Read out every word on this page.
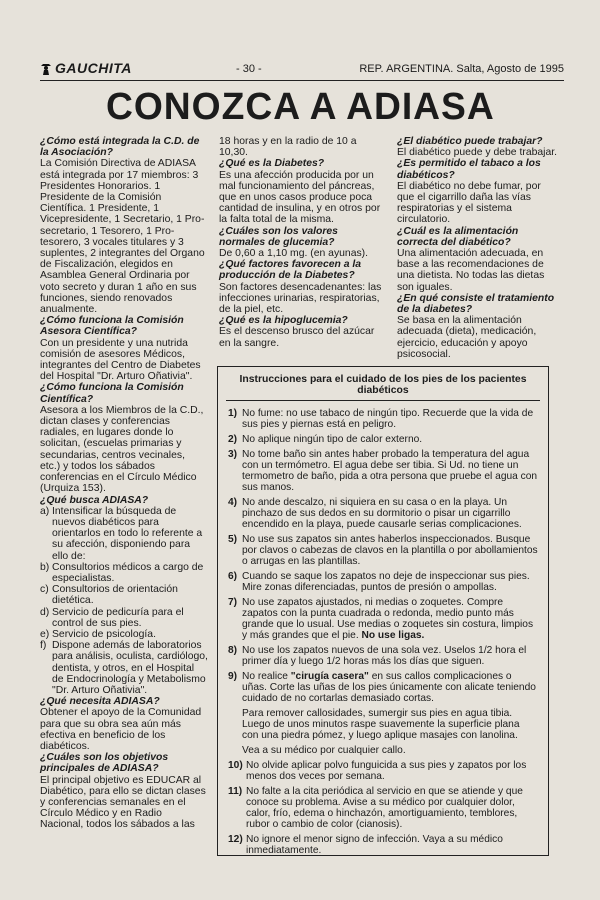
GAUCHITA	- 30 -	REP. ARGENTINA. Salta, Agosto de 1995
CONOZCA A ADIASA
¿Cómo está integrada la C.D. de la Asociación?

La Comisión Directiva de ADIASA está integrada por 17 miembros: 3 Presidentes Honorarios. 1 Presidente de la Comisión Científica. 1 Presidente, 1 Vicepresidente, 1 Secretario, 1 Pro-secretario, 1 Tesorero, 1 Pro-tesorero, 3 vocales titulares y 3 suplentes, 2 integrantes del Organo de Fiscalización, elegidos en Asamblea General Ordinaria por voto secreto y duran 1 año en sus funciones, siendo renovados anualmente.

¿Cómo funciona la Comisión Asesora Científica?

Con un presidente y una nutrida comisión de asesores Médicos, integrantes del Centro de Diabetes del Hospital "Dr. Arturo Oñativia".

¿Cómo funciona la Comisión Científica?

Asesora a los Miembros de la C.D., dictan clases y conferencias radiales, en lugares donde lo solicitan, (escuelas primarias y secundarias, centros vecinales, etc.) y todos los sábados conferencias en el Círculo Médico (Urquiza 153).

¿Qué busca ADIASA?
a) Intensificar la búsqueda de nuevos diabéticos para orientarlos en todo lo referente a su afección, disponiendo para ello de:
b) Consultorios médicos a cargo de especialistas.
c) Consultorios de orientación dietética.
d) Servicio de pedicuría para el control de sus pies.
e) Servicio de psicología.
f) Dispone además de laboratorios para análisis, oculista, cardiólogo, dentista, y otros, en el Hospital de Endocrinología y Metabolismo "Dr. Arturo Oñativia".
¿Qué necesita ADIASA?

Obtener el apoyo de la Comunidad para que su obra sea aún más efectiva en beneficio de los diabéticos.

¿Cuáles son los objetivos principales de ADIASA?

El principal objetivo es EDUCAR al Diabético, para ello se dictan clases y conferencias semanales en el Círculo Médico y en Radio Nacional, todos los sábados a las

18 horas y en la radio de 10 a 10,30.

¿Qué es la Diabetes?

Es una afección producida por un mal funcionamiento del páncreas, que en unos casos produce poca cantidad de insulina, y en otros por la falta total de la misma.

¿Cuáles son los valores normales de glucemia?

De 0,60 a 1,10 mg. (en ayunas).

¿Qué factores favorecen a la producción de la Diabetes?

Son factores desencadenantes: las infecciones urinarias, respiratorias, de la piel, etc.

¿Qué es la hipoglucemia?

Es el descenso brusco del azúcar en la sangre.

¿El diabético puede trabajar?

El diabético puede y debe trabajar.

¿Es permitido el tabaco a los diabéticos?

El diabético no debe fumar, por que el cigarrillo daña las vías respiratorias y el sistema circulatorio.

¿Cuál es la alimentación correcta del diabético?

Una alimentación adecuada, en base a las recomendaciones de una dietista. No todas las dietas son iguales.

¿En qué consiste el tratamiento de la diabetes?

Se basa en la alimentación adecuada (dieta), medicación, ejercicio, educación y apoyo psicosocial.

Instrucciones para el cuidado de los pies de los pacientes diabéticos
1) No fume: no use tabaco de ningún tipo. Recuerde que la vida de sus pies y piernas está en peligro.
2) No aplique ningún tipo de calor externo.
3) No tome baño sin antes haber probado la temperatura del agua con un termómetro. El agua debe ser tibia. Si Ud. no tiene un termometro de baño, pida a otra persona que pruebe el agua con sus manos.
4) No ande descalzo, ni siquiera en su casa o en la playa. Un pinchazo de sus dedos en su dormitorio o pisar un cigarrillo encendido en la playa, puede causarle serias complicaciones.
5) No use sus zapatos sin antes haberlos inspeccionados. Busque por clavos o cabezas de clavos en la plantilla o por abollamientos o arrugas en las plantillas.
6) Cuando se saque los zapatos no deje de inspeccionar sus pies. Mire zonas diferenciadas, puntos de presión o ampollas.
7) No use zapatos ajustados, ni medias o zoquetes. Compre zapatos con la punta cuadrada o redonda, medio punto más grande que lo usual. Use medias o zoquetes sin costura, limpios y más grandes que el pie. No use ligas.
8) No use los zapatos nuevos de una sola vez. Uselos 1/2 hora el primer día y luego 1/2 horas más los días que siguen.
9) No realice "cirugía casera" en sus callos complicaciones o uñas. Corte las uñas de los pies únicamente con alicate teniendo cuidado de no cortarlas demasiado cortas.
Para remover callosidades, sumergir sus pies en agua tibia. Luego de unos minutos raspe suavemente la superficie plana con una piedra pómez, y luego aplique masajes con lanolina.
Vea a su médico por cualquier callo.
10) No olvide aplicar polvo funguicida a sus pies y zapatos por los menos dos veces por semana.
11) No falte a la cita periódica al servicio en que se atiende y que conoce su problema. Avise a su médico por cualquier dolor, calor, frío, edema o hinchazón, amortiguamiento, temblores, rubor o cambio de color (cianosis).
12) No ignore el menor signo de infección. Vaya a su médico inmediatamente.
